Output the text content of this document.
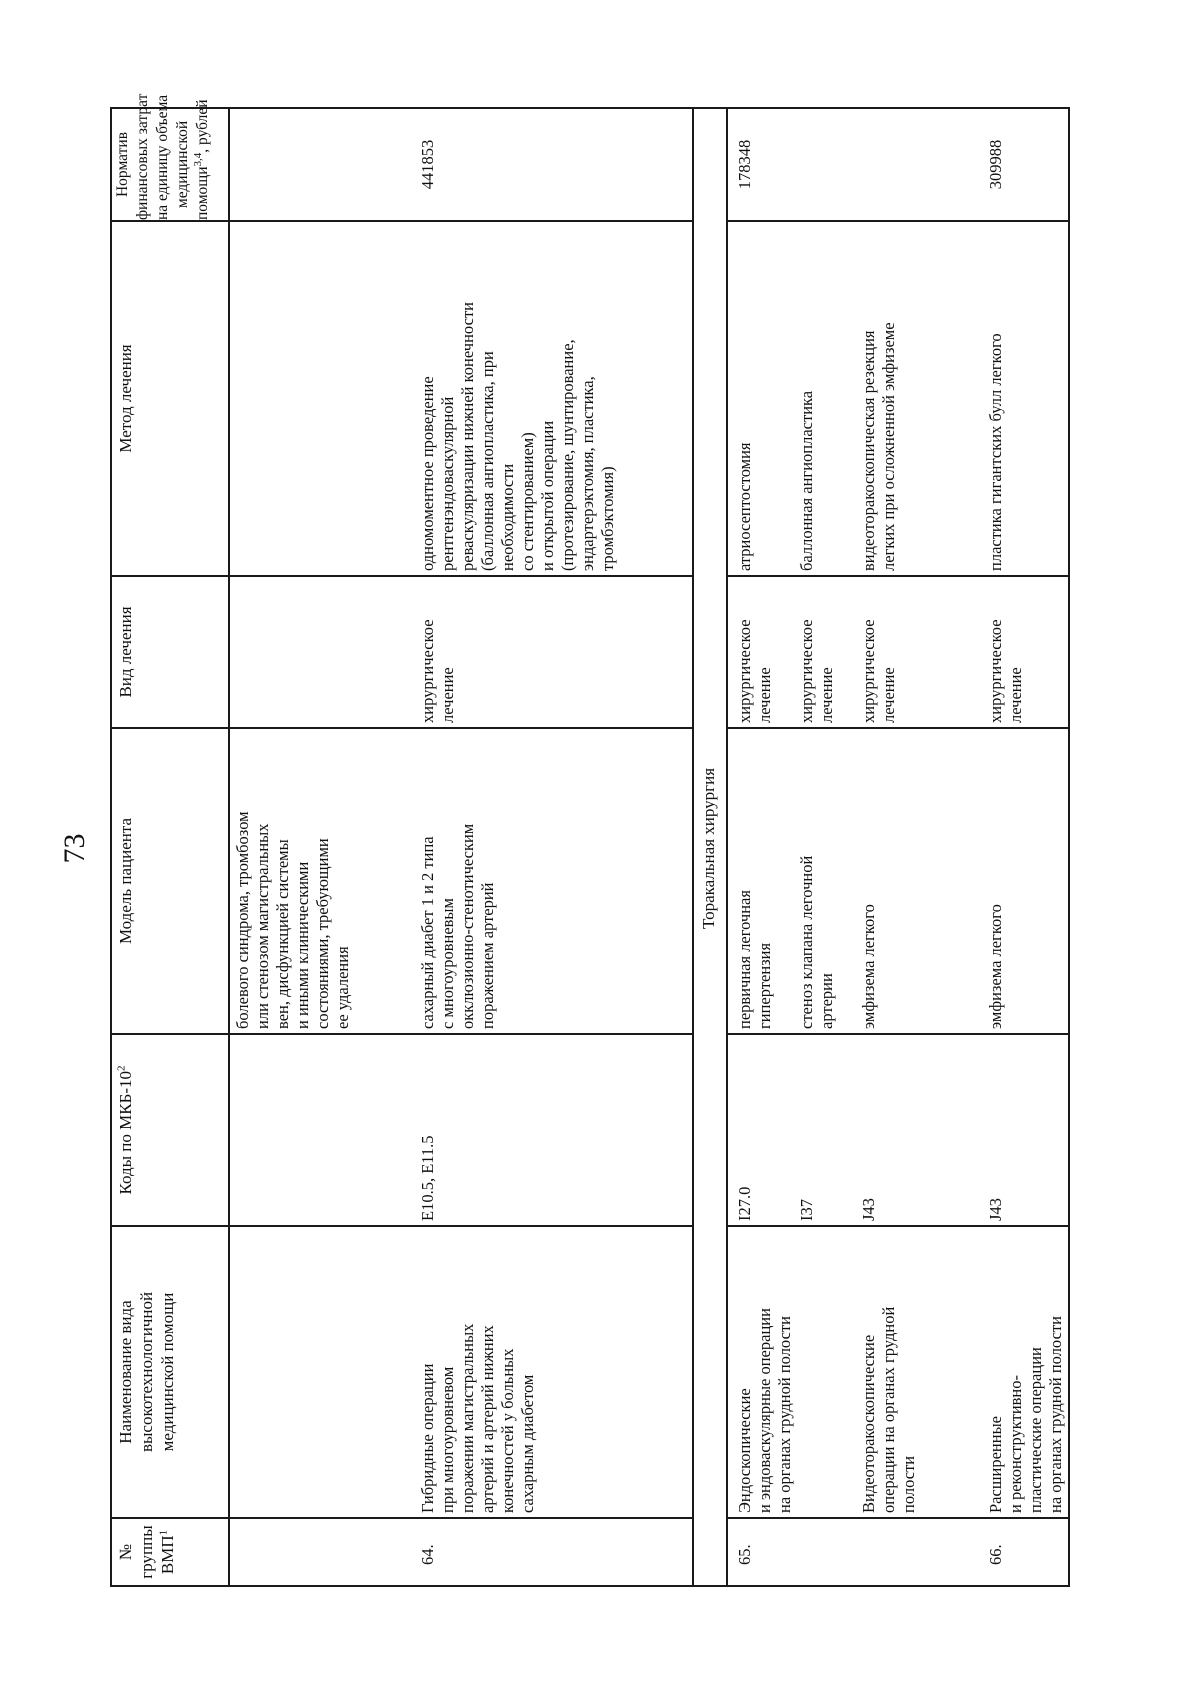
73
№ группы ВМП$^1$
Наименование вида высокотехнологичной медицинской помощи
Коды по МКБ-$10^2$
Модель пациента
Вид лечения
Метод лечения
Норматив финансовых затрат на единицу объема медицинской помощи$^{3,4}$, рублей
болевого синдрома, тромбозом или стенозом магистральных вен, дисфункцией системы и иными клиническими состояниями, требующими ее удаления
64.
Гибридные операции при многоуровневом поражении магистральных артерий и артерий нижних конечностей у больных сахарным диабетом
E10.5, E11.5
сахарный диабет 1 и 2 типа с многоуровневым окклюзионно-стенотическим поражением артерий
хирургическое лечение
одномоментное проведение рентгенэндоваскулярной реваскуляризации нижней конечности (баллонная ангиопластика, при необходимости со стентированием) и открытой операции (протезирование, шунтирование, эндартерэктомия, пластика, тромбэктомия)
441853
Торакальная хирургия
65.
Эндоскопические и эндоваскулярные операции на органах грудной полости	Видеоторакоскопические операции на органах грудной полости
I27.0
первичная легочная гипертензия
хирургическое лечение
атриосептостомия
178348
I37
стеноз клапана легочной артерии
хирургическое лечение
баллонная ангиопластика
J43
эмфизема легкого
хирургическое лечение
видеоторакоскопическая резекция легких при осложненной эмфиземе
66.
Расширенные и реконструктивно- пластические операции на органах грудной полости
J43
эмфизема легкого
хирургическое лечение
пластика гигантских булл легкого
309988
